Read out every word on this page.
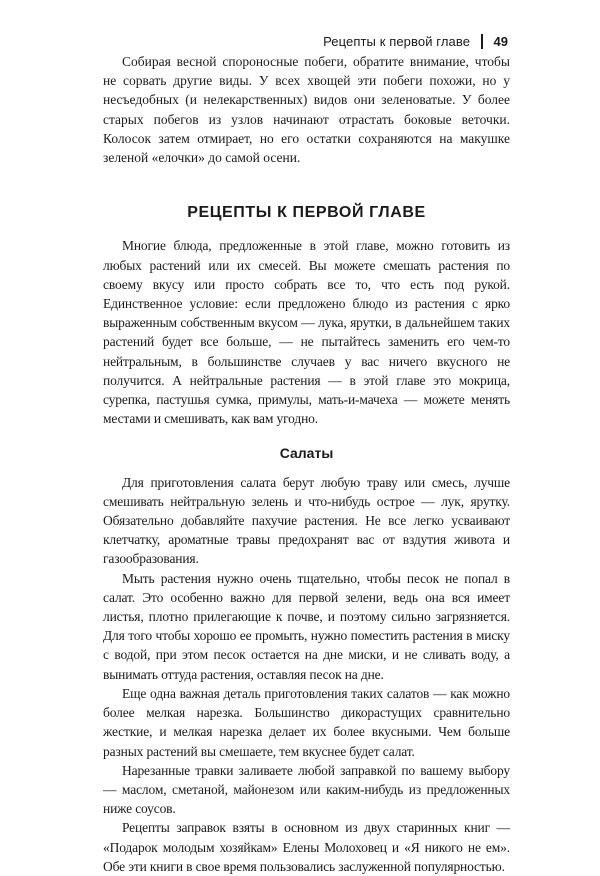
Рецепты к первой главе 49

Собирая весной спороносные побеги, обратите внимание, чтобы не сорвать другие виды. У всех хвощей эти побеги похожи, но у несъедобных (и нелекарственных) видов они зеленоватые. У более старых побегов из узлов начинают отрастать боковые веточки. Колосок затем отмирает, но его остатки сохраняются на макушке зеленой «елочки» до самой осени.

РЕЦЕПТЫ К ПЕРВОЙ ГЛАВЕ

Многие блюда, предложенные в этой главе, можно готовить из любых растений или их смесей. Вы можете смешать растения по своему вкусу или просто собрать все то, что есть под рукой. Единственное условие: если предложено блюдо из растения с ярко выраженным собственным вкусом — лука, ярутки, в дальнейшем таких растений будет все больше, — не пытайтесь заменить его чем-то нейтральным, в большинстве случаев у вас ничего вкусного не получится. А нейтральные растения — в этой главе это мокрица, сурепка, пастушья сумка, примулы, мать-и-мачеха — можете менять местами и смешивать, как вам угодно.

Салаты

Для приготовления салата берут любую траву или смесь, лучше смешивать нейтральную зелень и что-нибудь острое — лук, ярутку. Обязательно добавляйте пахучие растения. Не все легко усваивают клетчатку, ароматные травы предохранят вас от вздутия живота и газообразования.

Мыть растения нужно очень тщательно, чтобы песок не попал в салат. Это особенно важно для первой зелени, ведь она вся имеет листья, плотно прилегающие к почве, и поэтому сильно загрязняется. Для того чтобы хорошо ее промыть, нужно поместить растения в миску с водой, при этом песок остается на дне миски, и не сливать воду, а вынимать оттуда растения, оставляя песок на дне.

Еще одна важная деталь приготовления таких салатов — как можно более мелкая нарезка. Большинство дикорастущих сравнительно жесткие, и мелкая нарезка делает их более вкусными. Чем больше разных растений вы смешаете, тем вкуснее будет салат.

Нарезанные травки заливаете любой заправкой по вашему выбору — маслом, сметаной, майонезом или каким-нибудь из предложенных ниже соусов.

Рецепты заправок взяты в основном из двух старинных книг — «Подарок молодым хозяйкам» Елены Молоховец и «Я никого не ем». Обе эти книги в свое время пользовались заслуженной популярностью.
